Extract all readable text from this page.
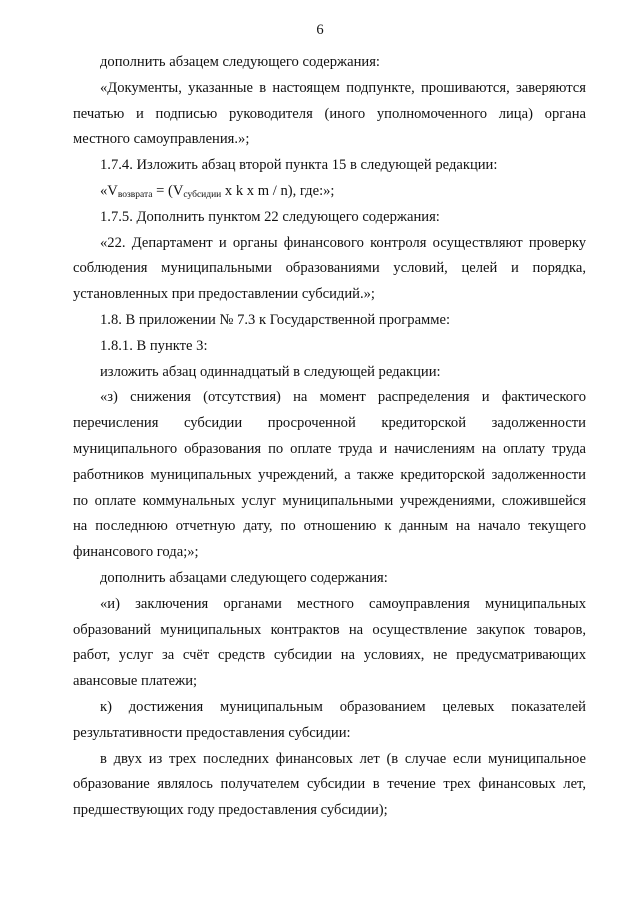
6

дополнить абзацем следующего содержания:

«Документы, указанные в настоящем подпункте, прошиваются, заверяются печатью и подписью руководителя (иного уполномоченного лица) органа местного самоуправления.»;

1.7.4. Изложить абзац второй пункта 15 в следующей редакции:

«$V_{возврата} = (V_{субсидии}$ x k x m / n), где:»;

1.7.5. Дополнить пунктом 22 следующего содержания:

«22. Департамент и органы финансового контроля осуществляют проверку соблюдения муниципальными образованиями условий, целей и порядка, установленных при предоставлении субсидий.»;

1.8. В приложении № 7.3 к Государственной программе:

1.8.1. В пункте 3:

изложить абзац одиннадцатый в следующей редакции:

«з) снижения (отсутствия) на момент распределения и фактического перечисления субсидии просроченной кредиторской задолженности муниципального образования по оплате труда и начислениям на оплату труда работников муниципальных учреждений, а также кредиторской задолженности по оплате коммунальных услуг муниципальными учреждениями, сложившейся на последнюю отчетную дату, по отношению к данным на начало текущего финансового года;»;

дополнить абзацами следующего содержания:

«и) заключения органами местного самоуправления муниципальных образований муниципальных контрактов на осуществление закупок товаров, работ, услуг за счёт средств субсидии на условиях, не предусматривающих авансовые платежи;

к) достижения муниципальным образованием целевых показателей результативности предоставления субсидии:

в двух из трех последних финансовых лет (в случае если муниципальное образование являлось получателем субсидии в течение трех финансовых лет, предшествующих году предоставления субсидии);
